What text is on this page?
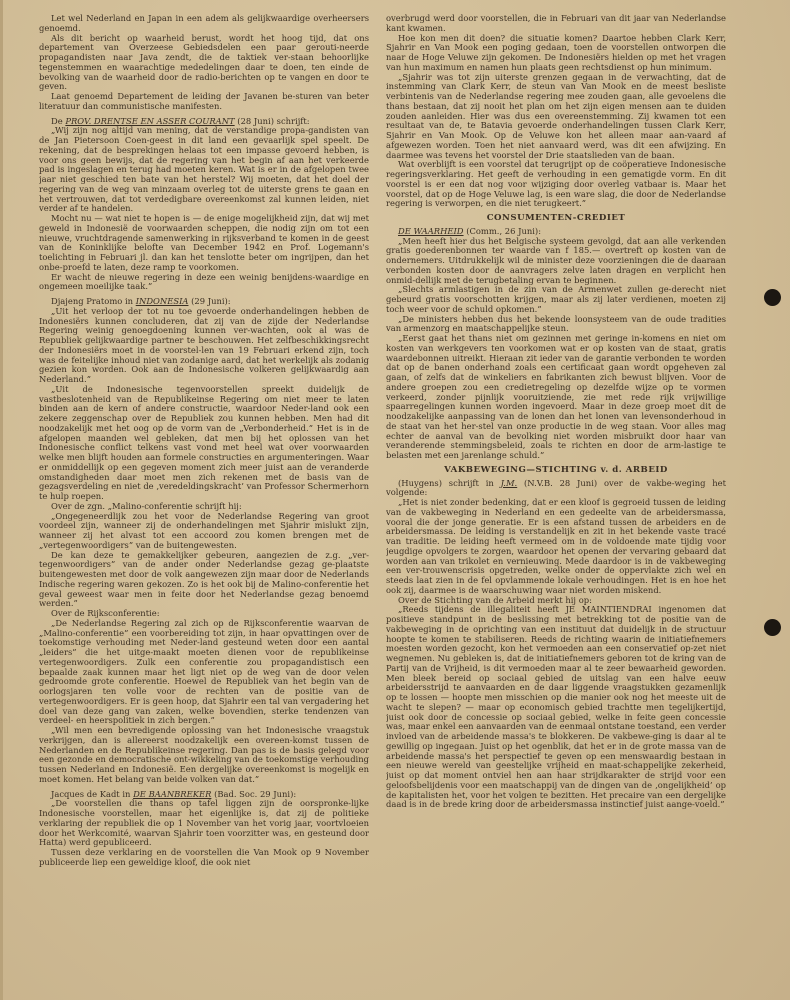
Let wel Nederland en Japan in een adem als gelijkwaardige overheersers genoemd.

Als dit bericht op waarheid berust, wordt het hoog tijd, dat ons departement van Overzeese Gebiedsdelen een paar gerouti-neerde propagandisten naar Java zendt, die de taktiek ver-staan behoorlijke tegenstemmen en waarachtige mededelingen daar te doen, ten einde de bevolking van de waarheid door de radio-berichten op te vangen en door te geven.

Laat genoemd Departement de leiding der Javanen be-sturen van beter literatuur dan communistische manifesten.

De PROV. DRENTSE EN ASSER COURANT (28 Juni) schrijft:

„Wij zijn nog altijd van mening, dat de verstandige propa-gandisten van de Jan Pietersoon Coen-geest in dit land een gevaarlijk spel speelt. De rekening, dat de besprekingen helaas tot een impasse gevoerd hebben, is voor ons geen bewijs, dat de regering van het begin af aan het verkeerde pad is ingeslagen en terug had moeten keren. Wat is er in de afgelopen twee jaar niet geschied ten bate van het herstel? Wij moeten, dat het doel der regering van de weg van minzaam overleg tot de uiterste grens te gaan en het vertrouwen, dat tot verdedigbare overeenkomst zal kunnen leiden, niet verder af te handelen.

Mocht nu — wat niet te hopen is — de enige mogelijkheid zijn, dat wij met geweld in Indonesië de voorwaarden scheppen, die nodig zijn om tot een nieuwe, vruchtdragende samenwerking in rijksverband te komen in de geest van de Koninklijke belofte van December 1942 en Prof. Logemann's toelichting in Februari jl. dan kan het tenslotte beter om ingrijpen, dan het onbe-proefd te laten, deze ramp te voorkomen.

Er wacht de nieuwe regering in deze een weinig benijdens-waardige en ongemeen moeilijke taak.”

Djajeng Pratomo in INDONESIA (29 Juni):

„Uit het verloop der tot nu toe gevoerde onderhandelingen hebben de Indonesiërs kunnen concluderen, dat zij van de zijde der Nederlandse Regering weinig genoegdoening kunnen ver-wachten, ook al was de Republiek gelijkwaardige partner te beschouwen. Het zelfbeschikkingsrecht der Indonesiërs moet in de voorstel-len van 19 Februari erkend zijn, toch was de feitelijke inhoud niet van zodanige aard, dat het werkelijk als zodanig gezien kon worden. Ook aan de Indonesische volkeren gelijkwaardig aan Nederland.”

„Uit de Indonesische tegenvoorstellen spreekt duidelijk de vastbeslotenheid van de Republikeinse Regering om niet meer te laten binden aan de kern of andere constructie, waardoor Neder-land ook een zekere zeggenschap over de Republiek zou kunnen hebben. Men had dit noodzakelijk met het oog op de vorm van de „Verbonderheid.” Het is in de afgelopen maanden wel gebleken, dat men bij het oplossen van het Indonesische conflict telkens vast vond met heel wat over voorwaarden welke men blijft houden aan formele constructies en argumenteringen. Waar er onmiddellijk op een gegeven moment zich meer juist aan de veranderde omstandigheden daar moet men zich rekenen met de basis van de gezagsverdeling en niet de ‚veredeldingskracht’ van Professor Schermerhorn te hulp roepen.

Over de zgn. „Malino-conferentie schrijft hij:

„Ongegeneerdlijk zou het voor de Nederlandse Regering van groot voordeel zijn, wanneer zij de onderhandelingen met Sjahrir mislukt zijn, wanneer zij het alvast tot een accoord zou komen brengen met de „vertegenwoordigers” van de buitengewesten.

De kan deze te gemakkelijker gebeuren, aangezien de z.g. „ver-tegenwoordigers” van de ander onder Nederlandse gezag ge-plaatste buitengewesten met door de volk aangewezen zijn maar door de Nederlands Indische regering waren gekozen. Zo is het ook bij de Malino-conferentie het geval geweest waar men in feite door het Nederlandse gezag benoemd werden.”

Over de Rijksconferentie:

„De Nederlandse Regering zal zich op de Rijksconferentie waarvan de „Malino-conferentie” een voorbereiding tot zijn, in haar opvattingen over de toekomstige verhouding met Neder-land gesteund weten door een aantal „leiders” die het uitge-maakt moeten dienen voor de republikeinse vertegenwoordigers. Zulk een conferentie zou propagandistisch een bepaalde zaak kunnen maar het ligt niet op de weg van de door velen gedroomde grote conferentie. Hoewel de Republiek van het begin van de oorlogsjaren ten volle voor de rechten van de positie van de vertegenwoordigers. Er is geen hoop, dat Sjahrir een tal van vergadering het doel van deze gang van zaken, welke bovendien, sterke tendenzen van verdeel- en heerspolitiek in zich bergen.”

„Wil men een bevredigende oplossing van het Indonesische vraagstuk verkrijgen, dan is allereerst noodzakelijk een overeen-komst tussen de Nederlanden en de Republikeinse regering. Dan pas is de basis gelegd voor een gezonde en democratische ont-wikkeling van de toekomstige verhouding tussen Nederland en Indonesië. Een dergelijke overeenkomst is mogelijk en moet komen. Het belang van beide volken van dat.”

Jacques de Kadt in DE BAANBREKER (Bad. Soc. 29 Juni):

„De voorstellen die thans op tafel liggen zijn de oorspronke-lijke Indonesische voorstellen, maar het eigenlijke is, dat zij de politieke verklaring der republiek die op 1 November van het vorig jaar, voortvloeien door het Werkcomité, waarvan Sjahrir toen voorzitter was, en gesteund door Hatta) werd gepubliceerd.

Tussen deze verklaring en de voorstellen die Van Mook op 9 November publiceerde liep een geweldige kloof, die ook niet

overbrugd werd door voorstellen, die in Februari van dit jaar van Nederlandse kant kwamen.

Hoe kon men dit doen? die situatie komen? Daartoe hebben Clark Kerr, Sjahrir en Van Mook een poging gedaan, toen de voorstellen ontworpen die naar de Hoge Veluwe zijn gekomen. De Indonesiërs hielden op met het vragen van hun maximum en namen hun plaats geen rechtsdienst op hun minimum.

„Sjahrir was tot zijn uiterste grenzen gegaan in de verwachting, dat de instemming van Clark Kerr, de steun van Van Mook en de meest besliste verbintenis van de Nederlandse regering mee zouden gaan, alle gevoelens die thans bestaan, dat zij nooit het plan om het zijn eigen mensen aan te duiden zouden aanleiden. Hier was dus een overeenstemming. Zij kwamen tot een resultaat van de, te Batavia gevoerde onderhandelingen tussen Clark Kerr, Sjahrir en Van Mook. Op de Veluwe kon het alleen maar aan-vaard af afgewezen worden. Toen het niet aanvaard werd, was dit een afwijzing. En daarmee was tevens het voorstel der Drie staatslieden van de baan.

Wat overblijft is een voorstel dat terugrijpt op de coöperatieve Indonesische regeringsverklaring. Het geeft de verhouding in een gematigde vorm. En dit voorstel is er een dat nog voor wijziging door overleg vatbaar is. Maar het voorstel, dat op de Hoge Veluwe lag, is een ware slag, die door de Nederlandse regering is verworpen, en die niet terugkeert.”

CONSUMENTEN-CREDIET

DE WAARHEID (Comm., 26 Juni):

„Men heeft hier dus het Belgische systeem gevolgd, dat aan alle verkenden gratis goederenbonnen ter waarde van f 185.— overtreft op kosten van de ondernemers. Uitdrukkelijk wil de minister deze voorzieningen die de daaraan verbonden kosten door de aanvragers zelve laten dragen en verplicht hen onmid-dellijk met de terugbetaling ervan te beginnen.

„Slechts armlastigen in de zin van de Armenwet zullen ge-derecht niet gebeurd gratis voorschotten krijgen, maar als zij later verdienen, moeten zij toch weer voor de schuld opkomen.”

„De ministers hebben dus het bekende loonsysteem van de oude tradities van armenzorg en maatschappelijke steun.

„Eerst gaat het thans niet om gezinnen met geringe in-komens en niet om kosten van werkgevers ten voorkomen wat er op kosten van de staat, gratis waardebonnen uitreikt. Hieraan zit ieder van de garantie verbonden te worden dat op de banen onderhand zoals een certificaat gaan wordt opgeheven zal gaan, of zelfs dat de winkeliers en fabrikanten zich bewust blijven. Voor de andere groepen zou een credietregeling op dezelfde wijze op te vormen verkeerd, zonder pijnlijk vooruitziende, zie met rede rijk vrijwillige spaarregelingen kunnen worden ingevoerd. Maar in deze groep moet dit de noodzakelijke aanpassing van de lonen dan het lonen van levensonderhoud in de staat van het her-stel van onze productie in de weg staan. Voor alles mag echter de aanval van de bevolking niet worden misbruikt door haar van veranderende stemmingsbeleid, zoals te richten en door de arm-lastige te belasten met een jarenlange schuld.”

VAKBEWEGING—STICHTING v. d. ARBEID

(Huygens) schrijft in J.M. (N.V.B. 28 Juni) over de vakbe-weging het volgende:

„Het is niet zonder bedenking, dat er een kloof is gegroeid tussen de leiding van de vakbeweging in Nederland en een gedeelte van de arbeidersmassa, vooral die der jonge generatie. Er is een afstand tussen de arbeiders en de arbeidersmassa. De leiding is verstandelijk en zit in het bekende vaste tracé van traditie. De leiding heeft vermeed om in de voldoende mate tijdig voor jeugdige opvolgers te zorgen, waardoor het openen der vervaring gebaard dat worden aan van trikolet en vernieuwing. Mede daardoor is in de vakbeweging een ver-trouwenscrisis opgetreden, welke onder de oppervlakte zich wel en steeds laat zien in de fel opvlammende lokale verhoudingen. Het is en hoe het ook zij, daarmee is de waarschuwing waar niet worden miskend.

Over de Stichting van de Arbeid merkt hij op:

„Reeds tijdens de illegaliteit heeft JE MAINTIENDRAI ingenomen dat positieve standpunt in de beslissing met betrekking tot de positie van de vakbeweging in de oprichting van een instituut dat duidelijk in de structuur hoopte te komen te stabiliseren. Reeds de richting waarin de initiatiefnemers moesten worden gezocht, kon het vermoeden aan een conservatief op-zet niet wegnemen. Nu gebleken is, dat de initiatiefnemers geboren tot de kring van de Partij van de Vrijheid, is dit vermoeden maar al te zeer bewaarheid geworden. Men bleek bereid op sociaal gebied de uitslag van een halve eeuw arbeidersstrijd te aanvaarden en de daar liggende vraagstukken gezamenlijk op te lossen — hoopte men misschien op die manier ook nog het meeste uit de wacht te slepen? — maar op economisch gebied trachtte men tegelijkertijd, juist ook door de concessie op sociaal gebied, welke in feite geen concessie was, maar enkel een aanvaarden van de eenmaal ontstane toestand, een verder invloed van de arbeidende massa's te blokkeren. De vakbewe-ging is daar al te gewillig op ingegaan. Juist op het ogenblik, dat het er in de grote massa van de arbeidende massa's het perspectief te geven op een menswaardig bestaan in een nieuwe wereld van geestelijke vrijheid en maat-schappelijke zekerheid, juist op dat moment ontviel hen aan haar strijdkarakter de strijd voor een geloofsbelijdenis voor een maatschappij van de dingen van de ‚ongelijkheid’ op de kapitalisten het, voor het volgen te bezitten. Het precaire van een dergelijke daad is in de brede kring door de arbeidersmassa instinctief juist aange-voeld.”
